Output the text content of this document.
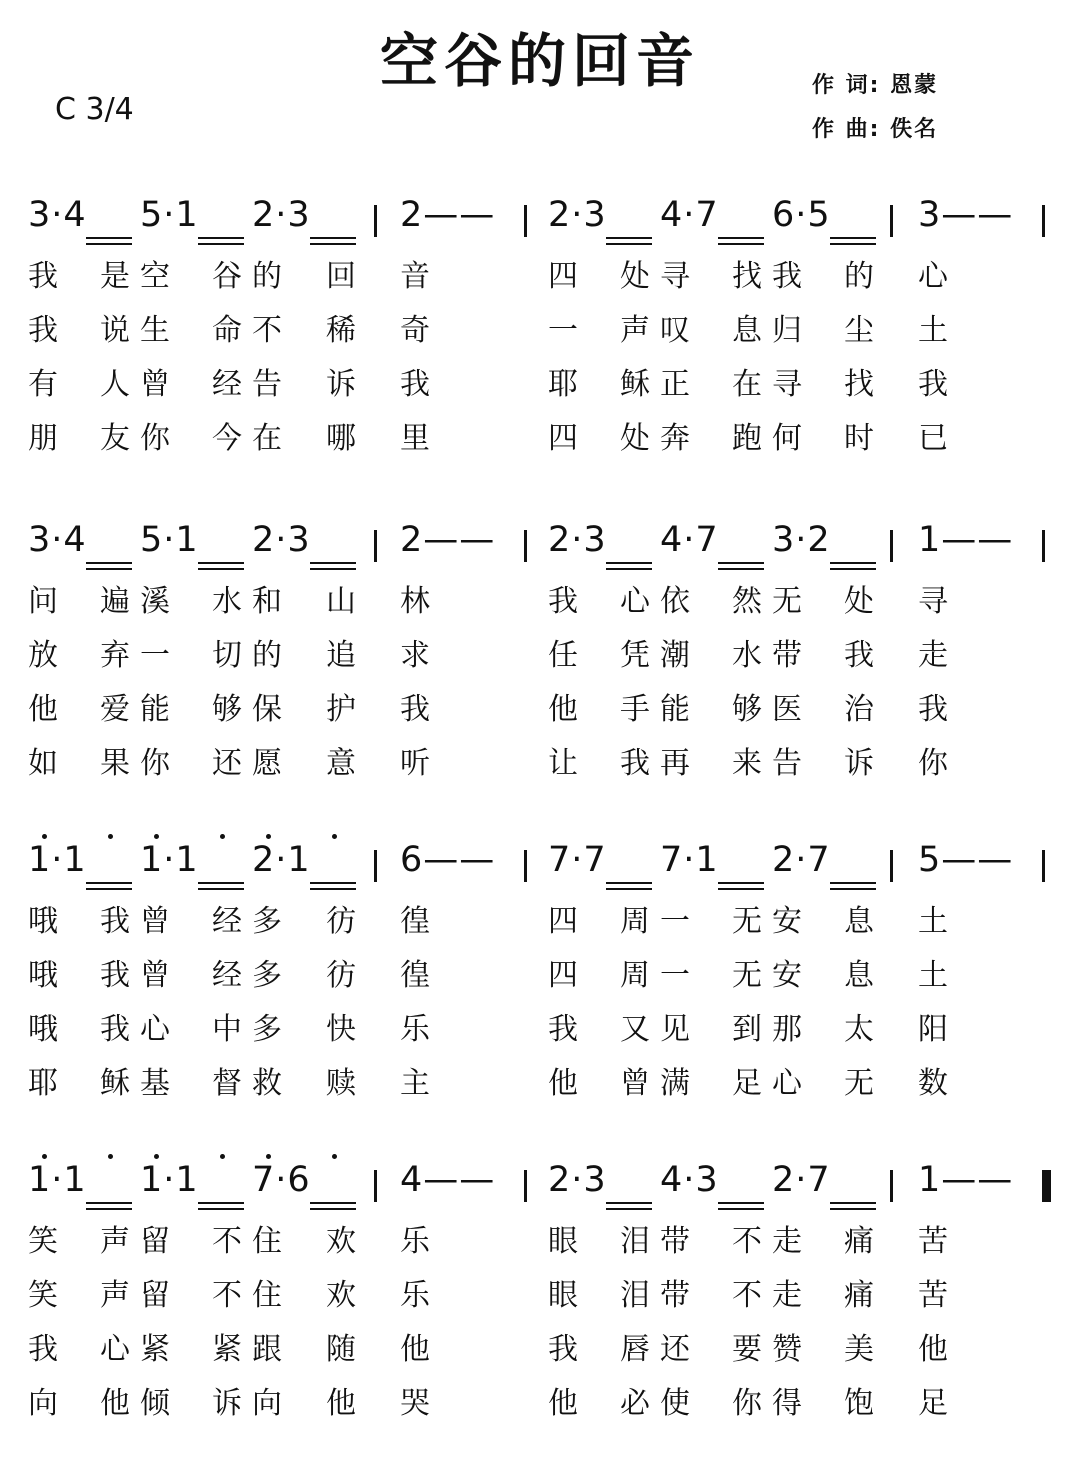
空谷的回音
C 3/4
作 词: 恩蒙
作 曲: 佚名
3·4 5·1 2·3	2—— 2·3 4·7 6·5 3——
我 是空 谷的 回 音	四 处寻 找我 的 心
我 说生 命不 稀 奇	一 声叹 息归 尘 土
有 人曾 经告 诉 我	耶 稣正 在寻 找 我
朋 友你 今在 哪 里	四 处奔 跑何 时 已
3·4 5·1 2·3	2—— 2·3 4·7 3·2 1——
问 遍溪 水和 山 林	我 心依 然无 处 寻
放 弃一 切的 追 求	任 凭潮 水带 我 走
他 爱能 够保 护 我	他 手能 够医 治 我
如 果你 还愿 意 听	让 我再 来告 诉 你
1·1 1·1 2·1	6—— 7·7 7·1 2·7 5——
哦 我曾 经多 彷 徨	四 周一 无安 息 土
哦 我曾 经多 彷 徨	四 周一 无安 息 土
哦 我心 中多 快 乐	我 又见 到那 太 阳
耶 稣基 督救 赎 主	他 曾满 足心 无 数
1·1 1·1 7·6	4—— 2·3 4·3 2·7 1——
笑 声留 不住 欢 乐	眼 泪带 不走 痛 苦
笑 声留 不住 欢 乐	眼 泪带 不走 痛 苦
我 心紧 紧跟 随 他	我 唇还 要赞 美 他
向 他倾 诉向 他 哭	他 必使 你得 饱 足
